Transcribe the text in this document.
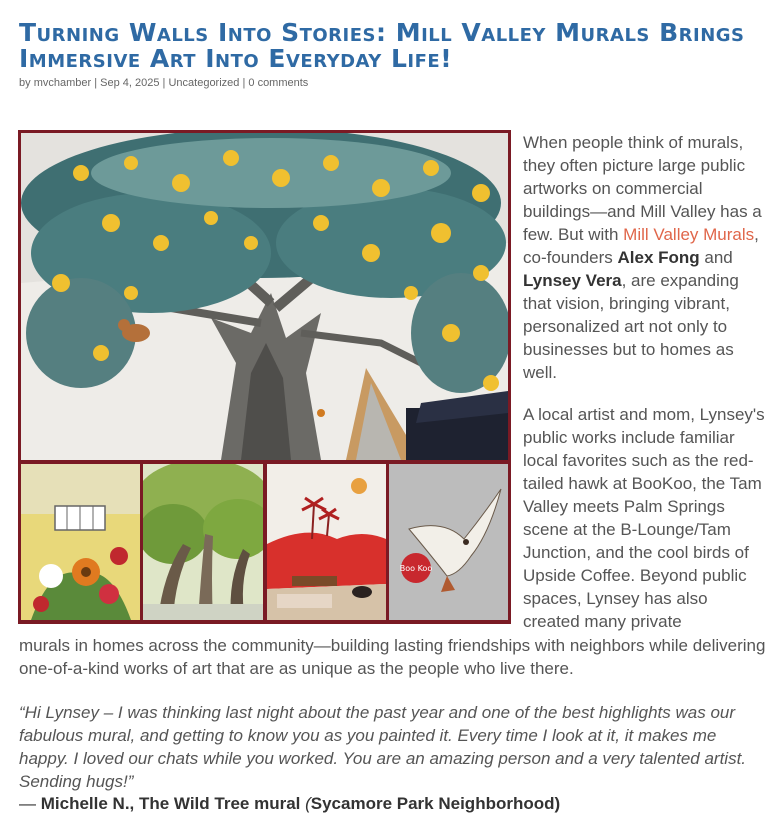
Turning Walls Into Stories: Mill Valley Murals Brings Immersive Art Into Everyday Life!

by mvchamber | Sep 4, 2025 | Uncategorized | 0 comments

Boo Koo

When people think of murals, they often picture large public artworks on commercial buildings—and Mill Valley has a few. But with Mill Valley Murals, co-founders Alex Fong and Lynsey Vera, are expanding that vision, bringing vibrant, personalized art not only to businesses but to homes as well.

A local artist and mom, Lynsey's public works include familiar local favorites such as the red-tailed hawk at BooKoo, the Tam Valley meets Palm Springs scene at the B-Lounge/Tam Junction, and the cool birds of Upside Coffee. Beyond public spaces, Lynsey has also created many private

murals in homes across the community—building lasting friendships with neighbors while delivering one-of-a-kind works of art that are as unique as the people who live there.

“Hi Lynsey – I was thinking last night about the past year and one of the best highlights was our fabulous mural, and getting to know you as you painted it. Every time I look at it, it makes me happy. I loved our chats while you worked. You are an amazing person and a very talented artist. Sending hugs!”

— Michelle N., The Wild Tree mural (Sycamore Park Neighborhood)
